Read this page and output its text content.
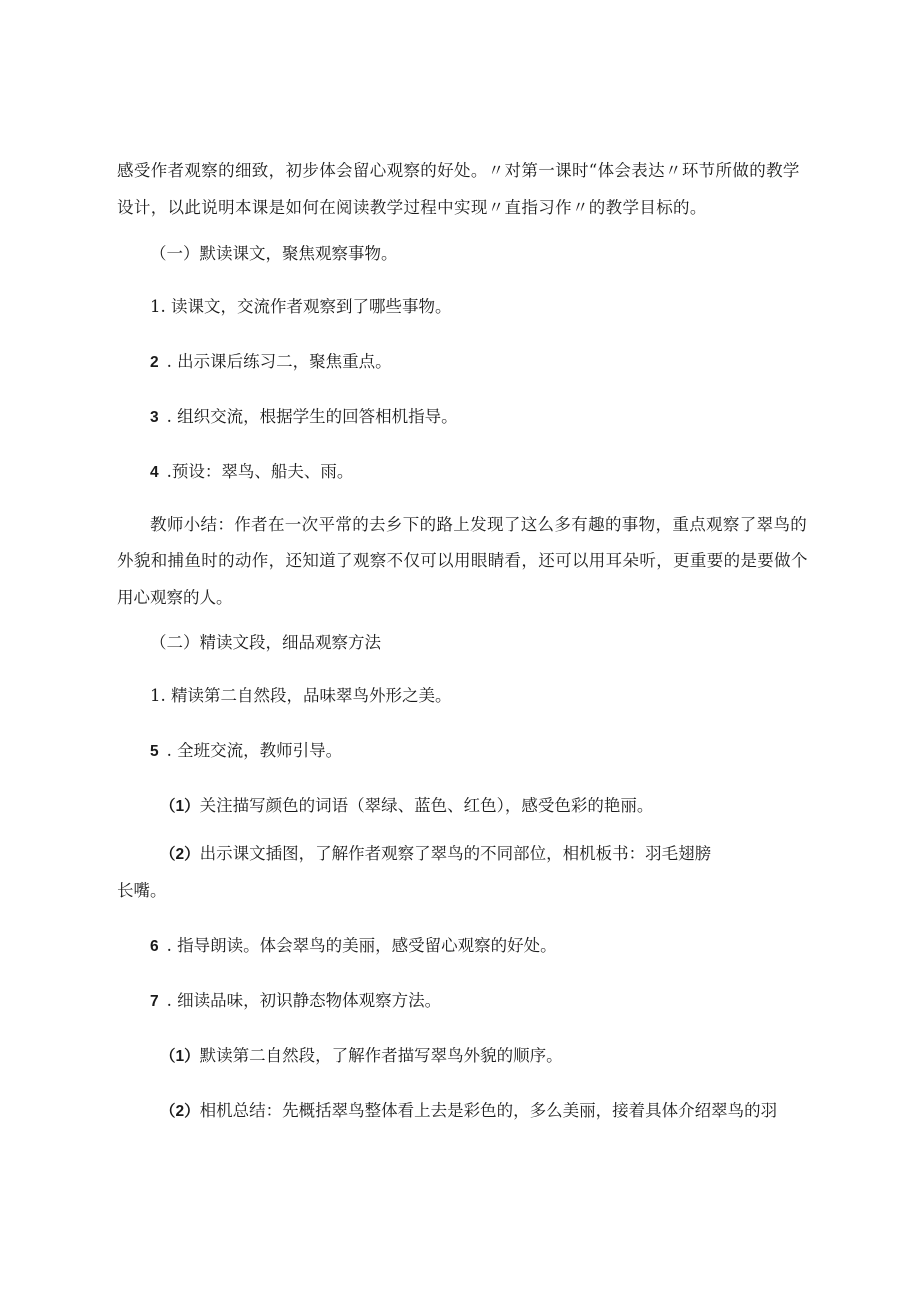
感受作者观察的细致，初步体会留心观察的好处。〃对第一课时“体会表达〃环节所做的教学

设计，以此说明本课是如何在阅读教学过程中实现〃直指习作〃的教学目标的。

（一）默读课文，聚焦观察事物。

1. 读课文，交流作者观察到了哪些事物。

2 . 出示课后练习二，聚焦重点。

3 . 组织交流，根据学生的回答相机指导。

4 .预设：翠鸟、船夫、雨。

教师小结：作者在一次平常的去乡下的路上发现了这么多有趣的事物，重点观察了翠鸟的

外貌和捕鱼时的动作，还知道了观察不仅可以用眼睛看，还可以用耳朵听，更重要的是要做个

用心观察的人。

（二）精读文段，细品观察方法

1. 精读第二自然段，品味翠鸟外形之美。

5 . 全班交流，教师引导。

（1）关注描写颜色的词语（翠绿、蓝色、红色），感受色彩的艳丽。

（2）出示课文插图，了解作者观察了翠鸟的不同部位，相机板书：羽毛翅膀

长嘴。

6 . 指导朗读。体会翠鸟的美丽，感受留心观察的好处。

7 . 细读品味，初识静态物体观察方法。

（1）默读第二自然段，了解作者描写翠鸟外貌的顺序。

（2）相机总结：先概括翠鸟整体看上去是彩色的，多么美丽，接着具体介绍翠鸟的羽
